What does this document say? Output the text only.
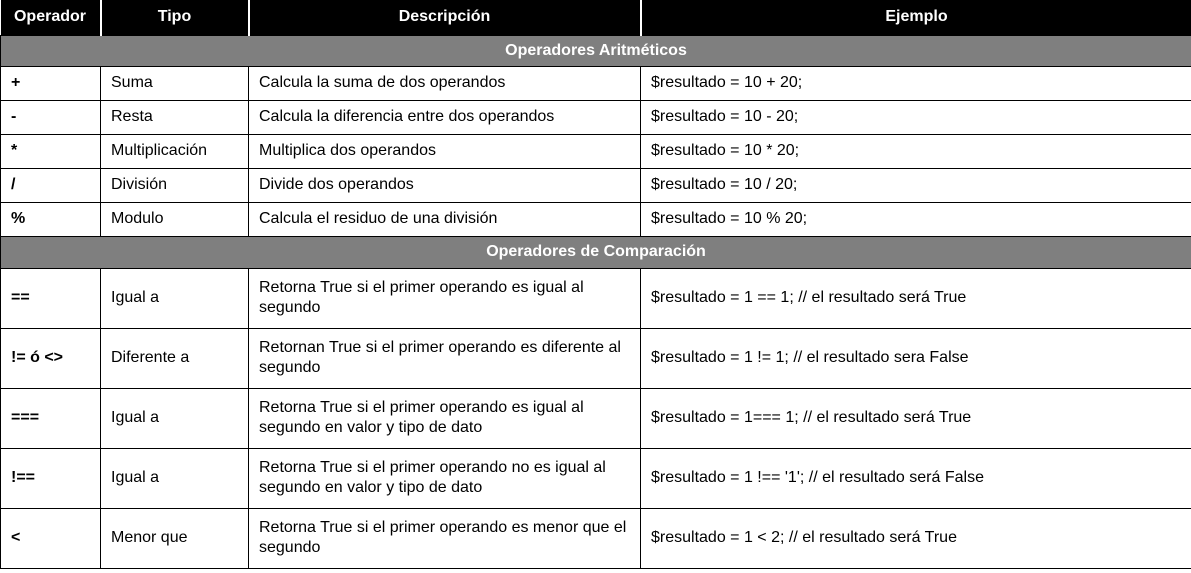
Operador	Tipo	Descripción	Ejemplo
Operadores Aritméticos			
+	Suma	Calcula la suma de dos operandos	$resultado = 10 + 20;
-	Resta	Calcula la diferencia entre dos operandos	$resultado = 10 - 20;
*	Multiplicación	Multiplica dos operandos	$resultado = 10 * 20;
/	División	Divide dos operandos	$resultado = 10 / 20;
%	Modulo	Calcula el residuo de una división	$resultado = 10 % 20;
Operadores de Comparación			
==	Igual a	Retorna True si el primer operando es igual al segundo	$resultado = 1 == 1; // el resultado será True
!= ó <>	Diferente a	Retornan True si el primer operando es diferente al segundo	$resultado = 1 != 1; // el resultado sera False
===	Igual a	Retorna True si el primer operando es igual al segundo en valor y tipo de dato	$resultado = 1=== 1; // el resultado será True
!==	Igual a	Retorna True si el primer operando no es igual al segundo en valor y tipo de dato	$resultado = 1 !== '1'; // el resultado será False
<	Menor que	Retorna True si el primer operando es menor que el segundo	$resultado = 1 < 2; // el resultado será True
